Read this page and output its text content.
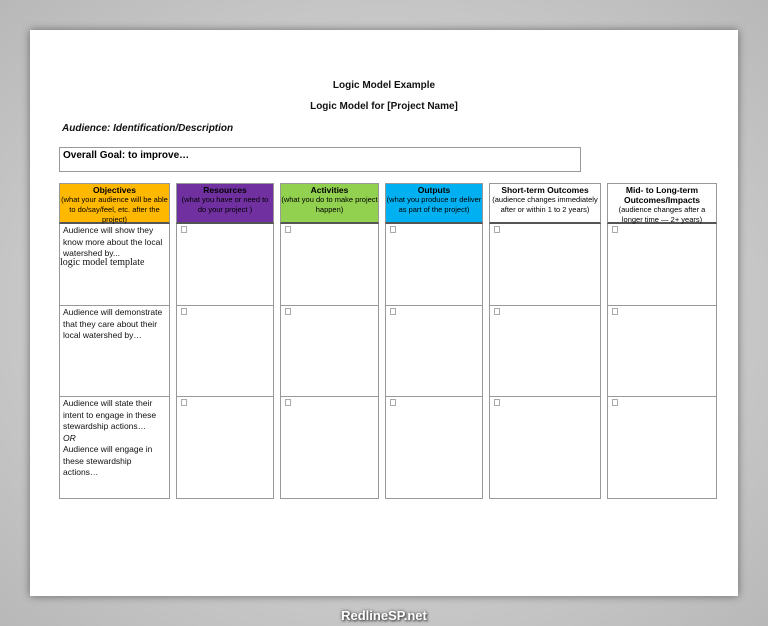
Logic Model Example
Logic Model for [Project Name]
Audience: Identification/Description
Overall Goal: to improve…
Objectives
(what your audience will be able to do/say/feel, etc. after the project)
Audience will show they know more about the local watershed by...
logic model template
Audience will demonstrate that they care about their local watershed by…
Audience will state their intent to engage in these stewardship actions…
OR
Audience will engage in these stewardship actions…
Resources
(what you have or need to do your project )
Activities
(what you do to make project happen)
Outputs
(what you produce or deliver as part of the project)
Short-term Outcomes
(audience changes immediately after or within 1 to 2 years)
Mid- to Long-term Outcomes/Impacts
(audience changes after a longer time — 2+ years)
RedlineSP.net
